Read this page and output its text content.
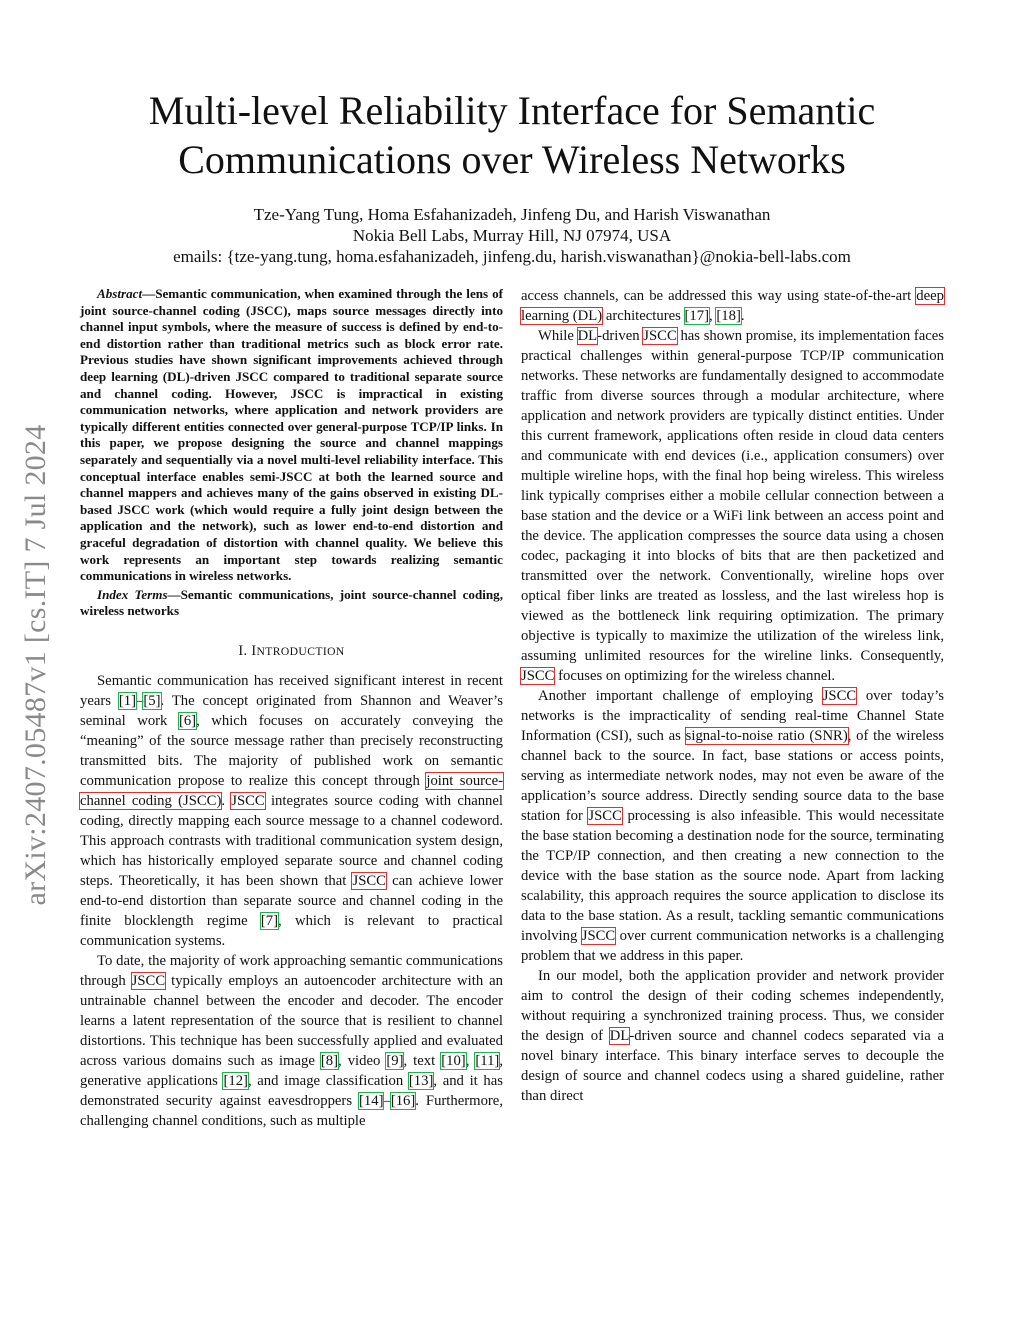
arXiv:2407.05487v1 [cs.IT] 7 Jul 2024
Multi-level Reliability Interface for Semantic
Communications over Wireless Networks
Tze-Yang Tung, Homa Esfahanizadeh, Jinfeng Du, and Harish Viswanathan
Nokia Bell Labs, Murray Hill, NJ 07974, USA
emails: {tze-yang.tung, homa.esfahanizadeh, jinfeng.du, harish.viswanathan}@nokia-bell-labs.com

Abstract—Semantic communication, when examined through the lens of joint source-channel coding (JSCC), maps source messages directly into channel input symbols, where the measure of success is defined by end-to-end distortion rather than traditional metrics such as block error rate. Previous studies have shown significant improvements achieved through deep learning (DL)-driven JSCC compared to traditional separate source and channel coding. However, JSCC is impractical in existing communication networks, where application and network providers are typically different entities connected over general-purpose TCP/IP links. In this paper, we propose designing the source and channel mappings separately and sequentially via a novel multi-level reliability interface. This conceptual interface enables semi-JSCC at both the learned source and channel mappers and achieves many of the gains observed in existing DL-based JSCC work (which would require a fully joint design between the application and the network), such as lower end-to-end distortion and graceful degradation of distortion with channel quality. We believe this work represents an important step towards realizing semantic communications in wireless networks.

Index Terms—Semantic communications, joint source-channel coding, wireless networks

I. INTRODUCTION

Semantic communication has received significant interest in recent years [1]–[5]. The concept originated from Shannon and Weaver’s seminal work [6], which focuses on accurately conveying the “meaning” of the source message rather than precisely reconstructing transmitted bits. The majority of published work on semantic communication propose to realize this concept through joint source-channel coding (JSCC). JSCC integrates source coding with channel coding, directly mapping each source message to a channel codeword. This approach contrasts with traditional communication system design, which has historically employed separate source and channel coding steps. Theoretically, it has been shown that JSCC can achieve lower end-to-end distortion than separate source and channel coding in the finite blocklength regime [7], which is relevant to practical communication systems.

To date, the majority of work approaching semantic communications through JSCC typically employs an autoencoder architecture with an untrainable channel between the encoder and decoder. The encoder learns a latent representation of the source that is resilient to channel distortions. This technique has been successfully applied and evaluated across various domains such as image [8], video [9], text [10], [11], generative applications [12], and image classification [13], and it has demonstrated security against eavesdroppers [14]–[16]. Furthermore, challenging channel conditions, such as multiple

access channels, can be addressed this way using state-of-the-art deep learning (DL) architectures [17], [18].

While DL-driven JSCC has shown promise, its implementation faces practical challenges within general-purpose TCP/IP communication networks. These networks are fundamentally designed to accommodate traffic from diverse sources through a modular architecture, where application and network providers are typically distinct entities. Under this current framework, applications often reside in cloud data centers and communicate with end devices (i.e., application consumers) over multiple wireline hops, with the final hop being wireless. This wireless link typically comprises either a mobile cellular connection between a base station and the device or a WiFi link between an access point and the device. The application compresses the source data using a chosen codec, packaging it into blocks of bits that are then packetized and transmitted over the network. Conventionally, wireline hops over optical fiber links are treated as lossless, and the last wireless hop is viewed as the bottleneck link requiring optimization. The primary objective is typically to maximize the utilization of the wireless link, assuming unlimited resources for the wireline links. Consequently, JSCC focuses on optimizing for the wireless channel.

Another important challenge of employing JSCC over today’s networks is the impracticality of sending real-time Channel State Information (CSI), such as signal-to-noise ratio (SNR), of the wireless channel back to the source. In fact, base stations or access points, serving as intermediate network nodes, may not even be aware of the application’s source address. Directly sending source data to the base station for JSCC processing is also infeasible. This would necessitate the base station becoming a destination node for the source, terminating the TCP/IP connection, and then creating a new connection to the device with the base station as the source node. Apart from lacking scalability, this approach requires the source application to disclose its data to the base station. As a result, tackling semantic communications involving JSCC over current communication networks is a challenging problem that we address in this paper.

In our model, both the application provider and network provider aim to control the design of their coding schemes independently, without requiring a synchronized training process. Thus, we consider the design of DL-driven source and channel codecs separated via a novel binary interface. This binary interface serves to decouple the design of source and channel codecs using a shared guideline, rather than direct
